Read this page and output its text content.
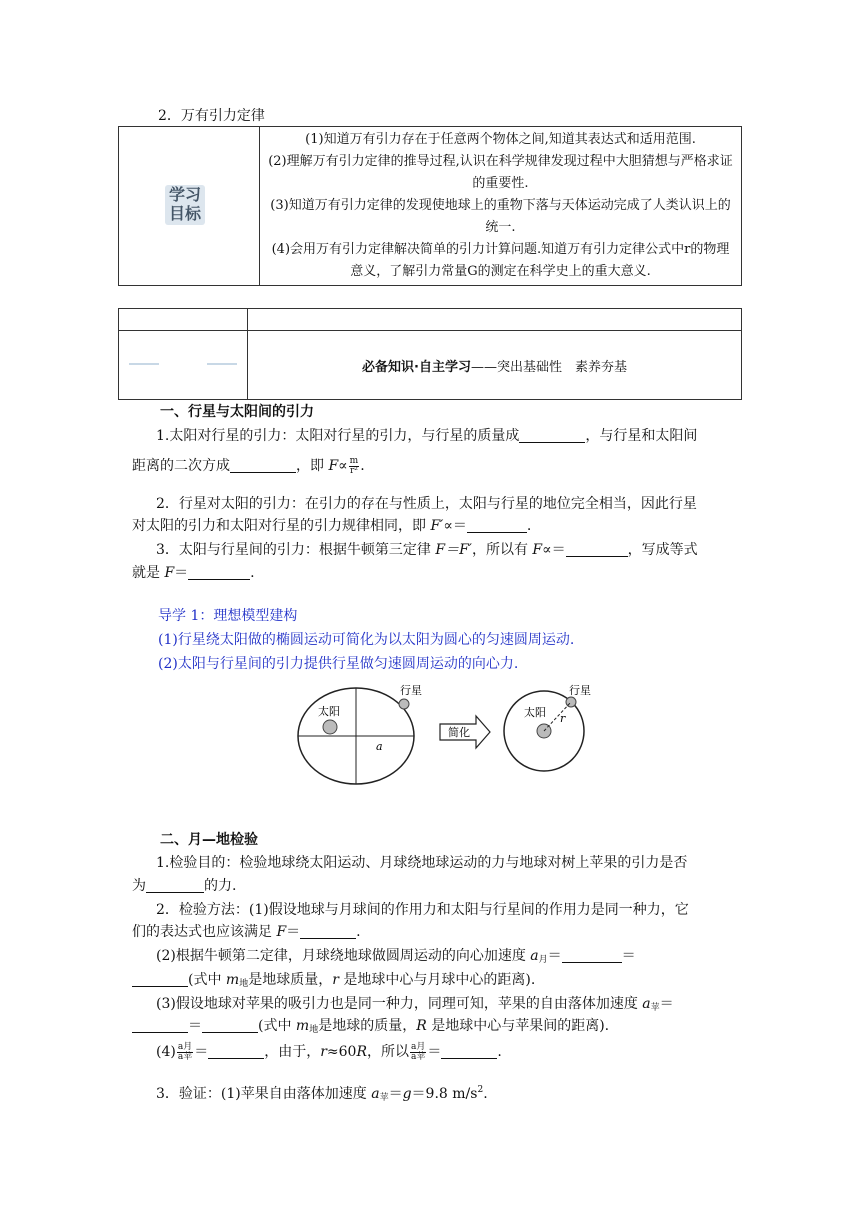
2．万有引力定律
学习
目标

(1)知道万有引力存在于任意两个物体之间,知道其表达式和适用范围.

(2)理解万有引力定律的推导过程,认识在科学规律发现过程中大胆猜想与严格求证的重要性.

(3)知道万有引力定律的发现使地球上的重物下落与天体运动完成了人类认识上的统一.

(4)会用万有引力定律解决简单的引力计算问题.知道万有引力定律公式中r的物理意义，了解引力常量G的测定在科学史上的重大意义.

	必备知识·自主学习——突出基础性　素养夯基
一、行星与太阳间的引力
1.太阳对行星的引力：太阳对行星的引力，与行星的质量成	，与行星和太阳间
距离的二次方成	，即 $F\propto \frac{m}{\text{r²}}$ .
2．行星对太阳的引力：在引力的存在与性质上，太阳与行星的地位完全相当，因此行星
对太阳的引力和太阳对行星的引力规律相同，即 F′∝＝	.
3．太阳与行星间的引力：根据牛顿第三定律 F＝F′，所以有 F∝＝	，写成等式
就是 F＝	.
导学 1：理想模型建构
(1)行星绕太阳做的椭圆运动可简化为以太阳为圆心的匀速圆周运动.
(2)太阳与行星间的引力提供行星做匀速圆周运动的向心力.
太阳
行星
a
简化
太阳
行星
r
二、月—地检验
1.检验目的：检验地球绕太阳运动、月球绕地球运动的力与地球对树上苹果的引力是否
为	的力.
2．检验方法：(1)假设地球与月球间的作用力和太阳与行星间的作用力是同一种力，它
们的表达式也应该满足 F＝	.
(2)根据牛顿第二定律，月球绕地球做圆周运动的向心加速度 $a_月=$	＝
(式中 $m_地$是地球质量，r 是地球中心与月球中心的距离).
(3)假设地球对苹果的吸引力也是同一种力，同理可知，苹果的自由落体加速度 $a_苹=$
＝	(式中 $m_地$是地球的质量，R 是地球中心与苹果间的距离).
$(4) \frac{\text{a月}}{\text{a苹}}$ ＝	，由于，r≈60R，所以 $\frac{\text{a月}}{\text{a苹}}$ ＝	.
3．验证：(1)苹果自由落体加速度 $a_苹=g=9.8$ $m/s^2$.
